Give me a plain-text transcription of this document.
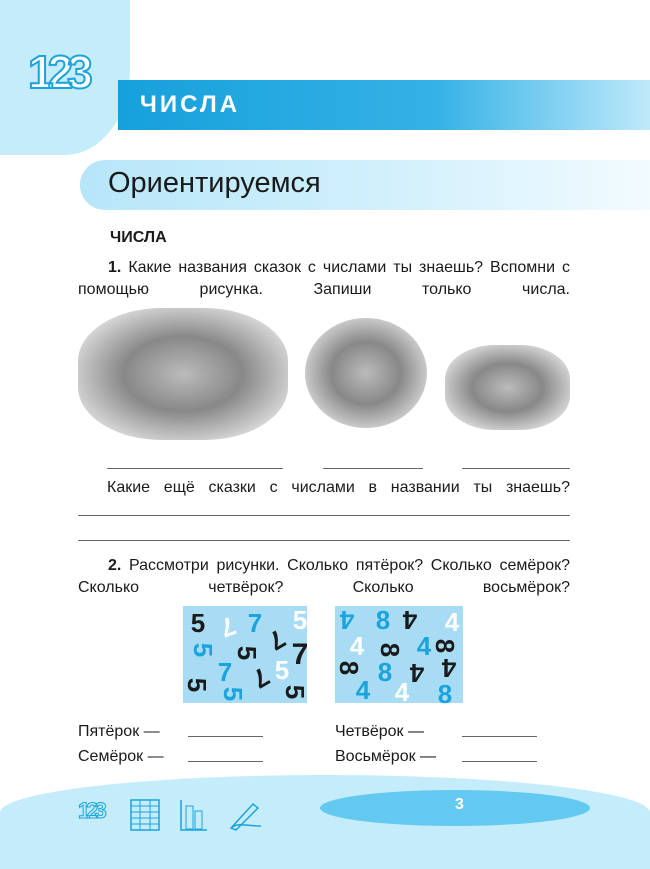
123
ЧИСЛА
Ориентируемся
ЧИСЛА
1. Какие названия сказок с числами ты знаешь? Вспомни с помощью рисунка. Запиши только числа.
Какие ещё сказки с числами в названии ты знаешь?
2. Рассмотри рисунки. Сколько пятёрок? Сколько семёрок? Сколько четвёрок? Сколько восьмёрок?
5 7 7 5
7
5 5 7
7 5
7
5
5 5
4 8 4 4
4 8 4
8
8 8 4 4
4 4 8
Пятёрок —
Семёрок —
Четвёрок —
Восьмёрок —
3
123
